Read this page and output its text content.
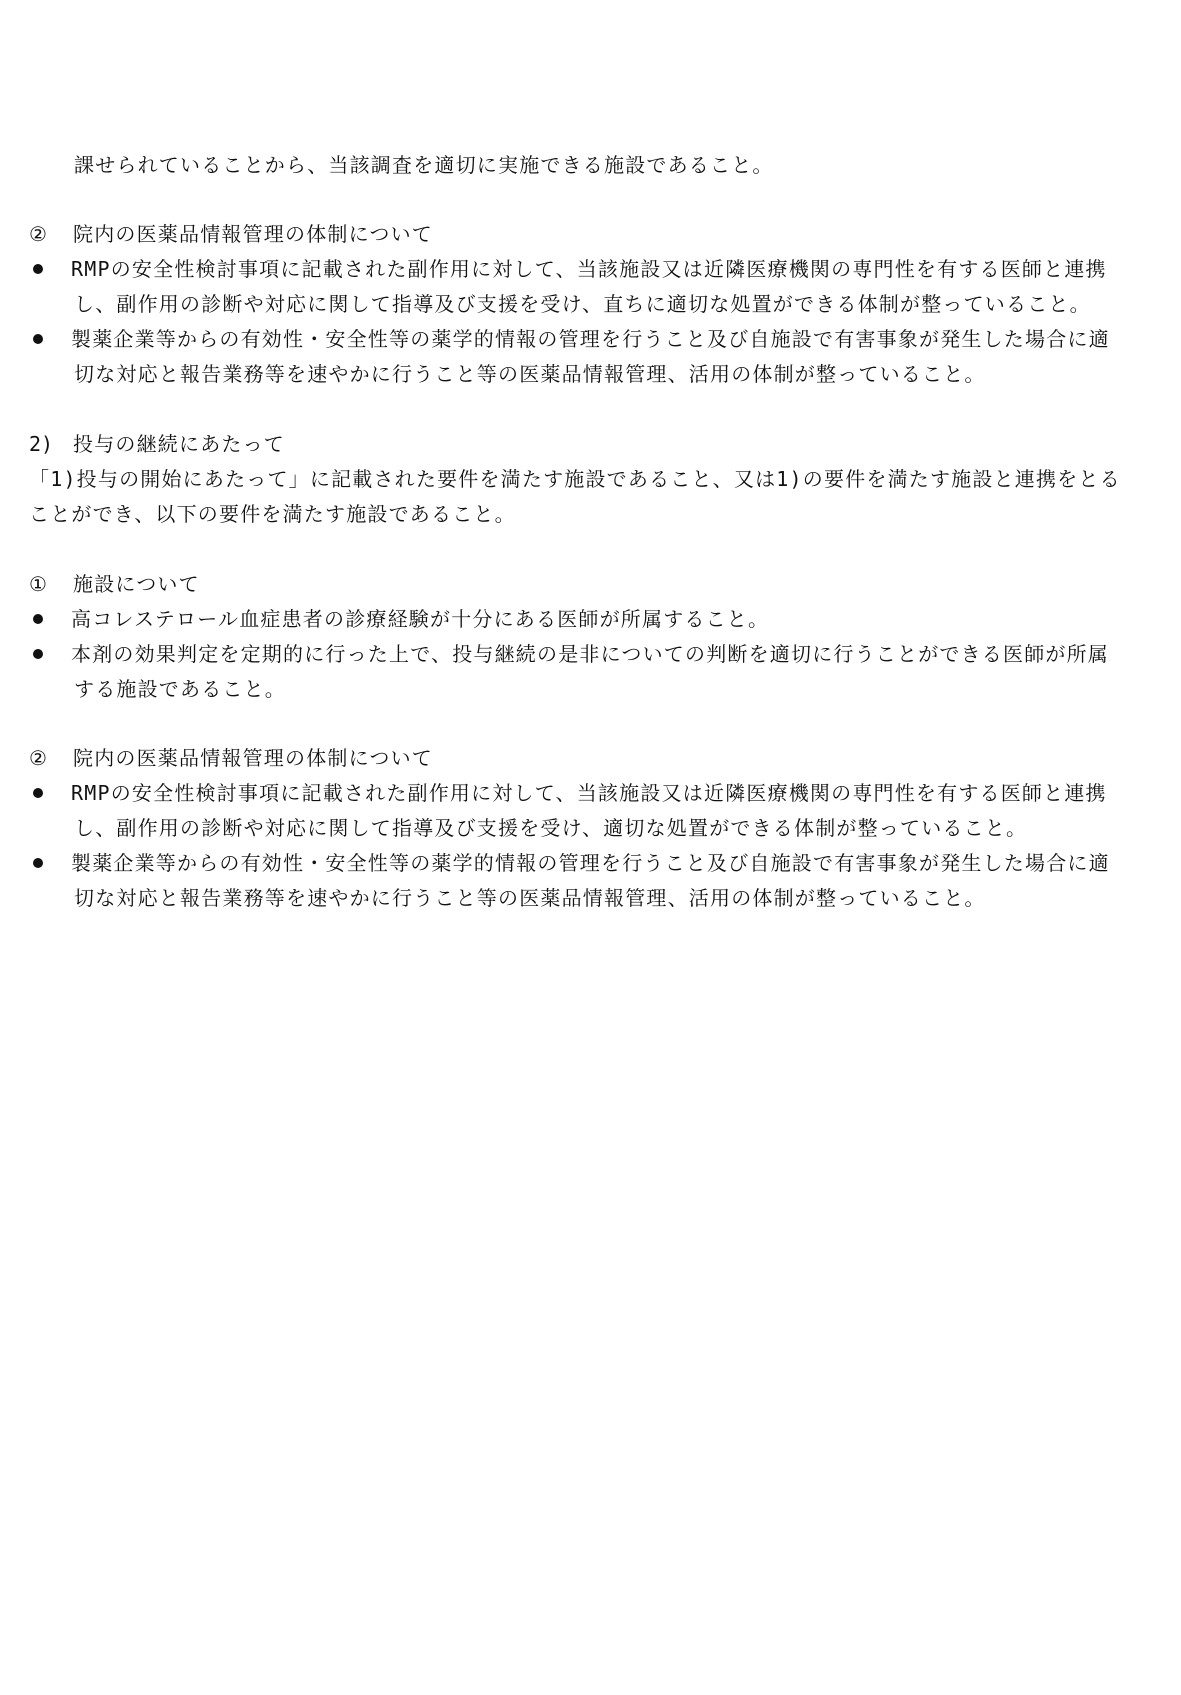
課せられていることから、当該調査を適切に実施できる施設であること。
② 院内の医薬品情報管理の体制について
RMPの安全性検討事項に記載された副作用に対して、当該施設又は近隣医療機関の専門性を有する医師と連携
し、副作用の診断や対応に関して指導及び支援を受け、直ちに適切な処置ができる体制が整っていること。
製薬企業等からの有効性・安全性等の薬学的情報の管理を行うこと及び自施設で有害事象が発生した場合に適
切な対応と報告業務等を速やかに行うこと等の医薬品情報管理、活用の体制が整っていること。
2) 投与の継続にあたって
「1)投与の開始にあたって」に記載された要件を満たす施設であること、又は1)の要件を満たす施設と連携をとる
ことができ、以下の要件を満たす施設であること。
① 施設について
高コレステロール血症患者の診療経験が十分にある医師が所属すること。
本剤の効果判定を定期的に行った上で、投与継続の是非についての判断を適切に行うことができる医師が所属
する施設であること。
② 院内の医薬品情報管理の体制について
RMPの安全性検討事項に記載された副作用に対して、当該施設又は近隣医療機関の専門性を有する医師と連携
し、副作用の診断や対応に関して指導及び支援を受け、適切な処置ができる体制が整っていること。
製薬企業等からの有効性・安全性等の薬学的情報の管理を行うこと及び自施設で有害事象が発生した場合に適
切な対応と報告業務等を速やかに行うこと等の医薬品情報管理、活用の体制が整っていること。
